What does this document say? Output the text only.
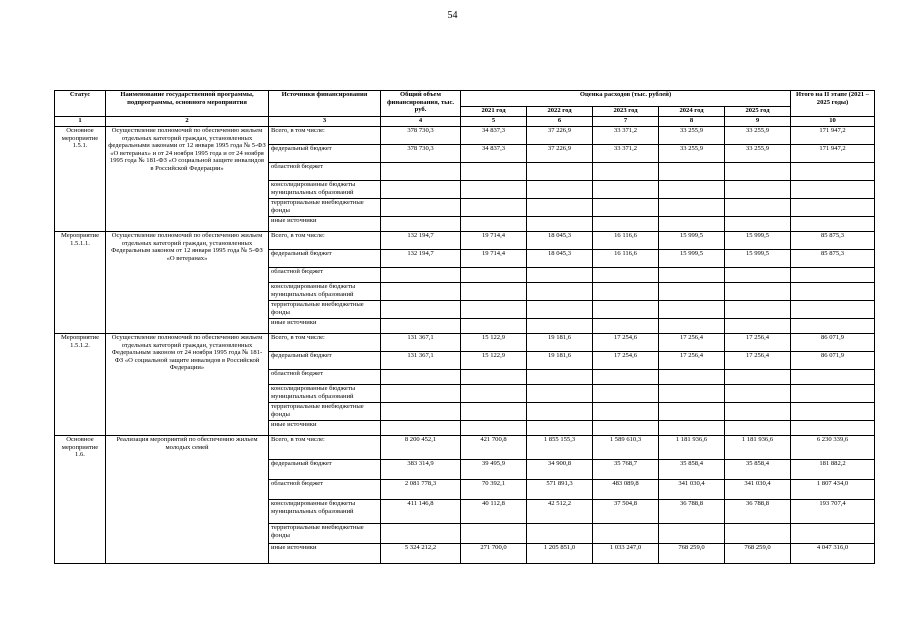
54
Статус	Наименование государственной программы, подпрограммы, основного мероприятия	Источники финансирования	Общий объем финансирования, тыс. руб.	Оценка расходов (тыс. рублей)					Итого на II этапе (2021 – 2025 годы)
				2021 год	2022 год	2023 год	2024 год	2025 год	
1	2	3	4	5	6	7	8	9	10
Основное мероприятие 1.5.1.	Осуществление полномочий по обеспечению жильем отдельных категорий граждан, установленных федеральными законами от 12 января 1995 года № 5-ФЗ «О ветеранах» и от 24 ноября 1995 года и от 24 ноября 1995 года № 181-ФЗ «О социальной защите инвалидов в Российской Федерации»	Всего, в том числе:	378 730,3	34 837,3	37 226,9	33 371,2	33 255,9	33 255,9	171 947,2
		федеральный бюджет	378 730,3	34 837,3	37 226,9	33 371,2	33 255,9	33 255,9	171 947,2
		областной бюджет							
		консолидированные бюджеты муниципальных образований							
		территориальные внебюджетные фонды							
		иные источники							
Мероприятие 1.5.1.1.	Осуществление полномочий по обеспечению жильем отдельных категорий граждан, установленных Федеральным законом от 12 января 1995 года № 5-ФЗ «О ветеранах»	Всего, в том числе:	132 194,7	19 714,4	18 045,3	16 116,6	15 999,5	15 999,5	85 875,3
		федеральный бюджет	132 194,7	19 714,4	18 045,3	16 116,6	15 999,5	15 999,5	85 875,3
		областной бюджет							
		консолидированные бюджеты муниципальных образований							
		территориальные внебюджетные фонды							
		иные источники							
Мероприятие 1.5.1.2.	Осуществление полномочий по обеспечению жильем отдельных категорий граждан, установленных Федеральным законом от 24 ноября 1995 года № 181-ФЗ «О социальной защите инвалидов в Российской Федерации»	Всего, в том числе:	131 367,1	15 122,9	19 181,6	17 254,6	17 256,4	17 256,4	86 071,9
		федеральный бюджет	131 367,1	15 122,9	19 181,6	17 254,6	17 256,4	17 256,4	86 071,9
		областной бюджет							
		консолидированные бюджеты муниципальных образований							
		территориальные внебюджетные фонды							
		иные источники							
Основное мероприятие 1.6.	Реализация мероприятий по обеспечению жильем молодых семей	Всего, в том числе:	8 200 452,1	421 700,8	1 855 155,3	1 589 610,3	1 181 936,6	1 181 936,6	6 230 339,6
		федеральный бюджет	383 314,9	39 495,9	34 900,8	35 768,7	35 858,4	35 858,4	181 882,2
		областной бюджет	2 081 778,3	70 392,1	571 891,3	483 089,8	341 030,4	341 030,4	1 807 434,0
		консолидированные бюджеты муниципальных образований	411 146,8	40 112,8	42 512,2	37 504,8	36 788,8	36 788,8	193 707,4
		территориальные внебюджетные фонды							
		иные источники	5 324 212,2	271 700,0	1 205 851,0	1 033 247,0	768 259,0	768 259,0	4 047 316,0
